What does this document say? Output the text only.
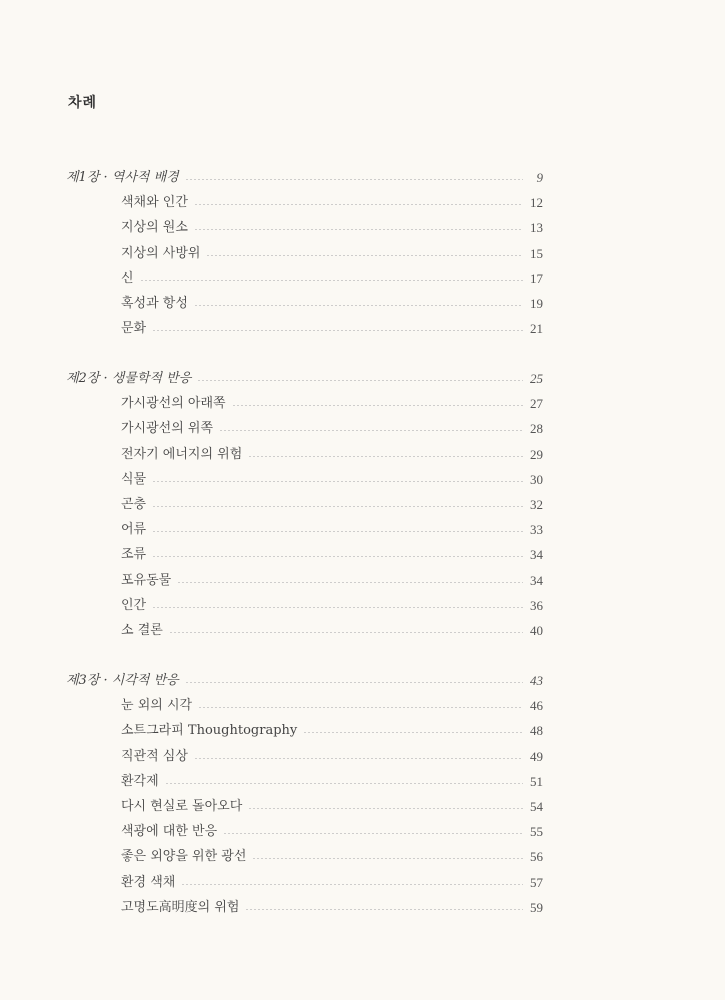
차례
제1장 · 역사적 배경	9
색채와 인간	12
지상의 원소	13
지상의 사방위	15
신	17
혹성과 항성	19
문화	21
제2장 · 생물학적 반응	25
가시광선의 아래쪽	27
가시광선의 위쪽	28
전자기 에너지의 위험	29
식물	30
곤충	32
어류	33
조류	34
포유동물	34
인간	36
소 결론	40
제3장 · 시각적 반응	43
눈 외의 시각	46
소트그라피 Thoughtography	48
직관적 심상	49
환각제	51
다시 현실로 돌아오다	54
색광에 대한 반응	55
좋은 외양을 위한 광선	56
환경 색채	57
고명도高明度의 위험	59
